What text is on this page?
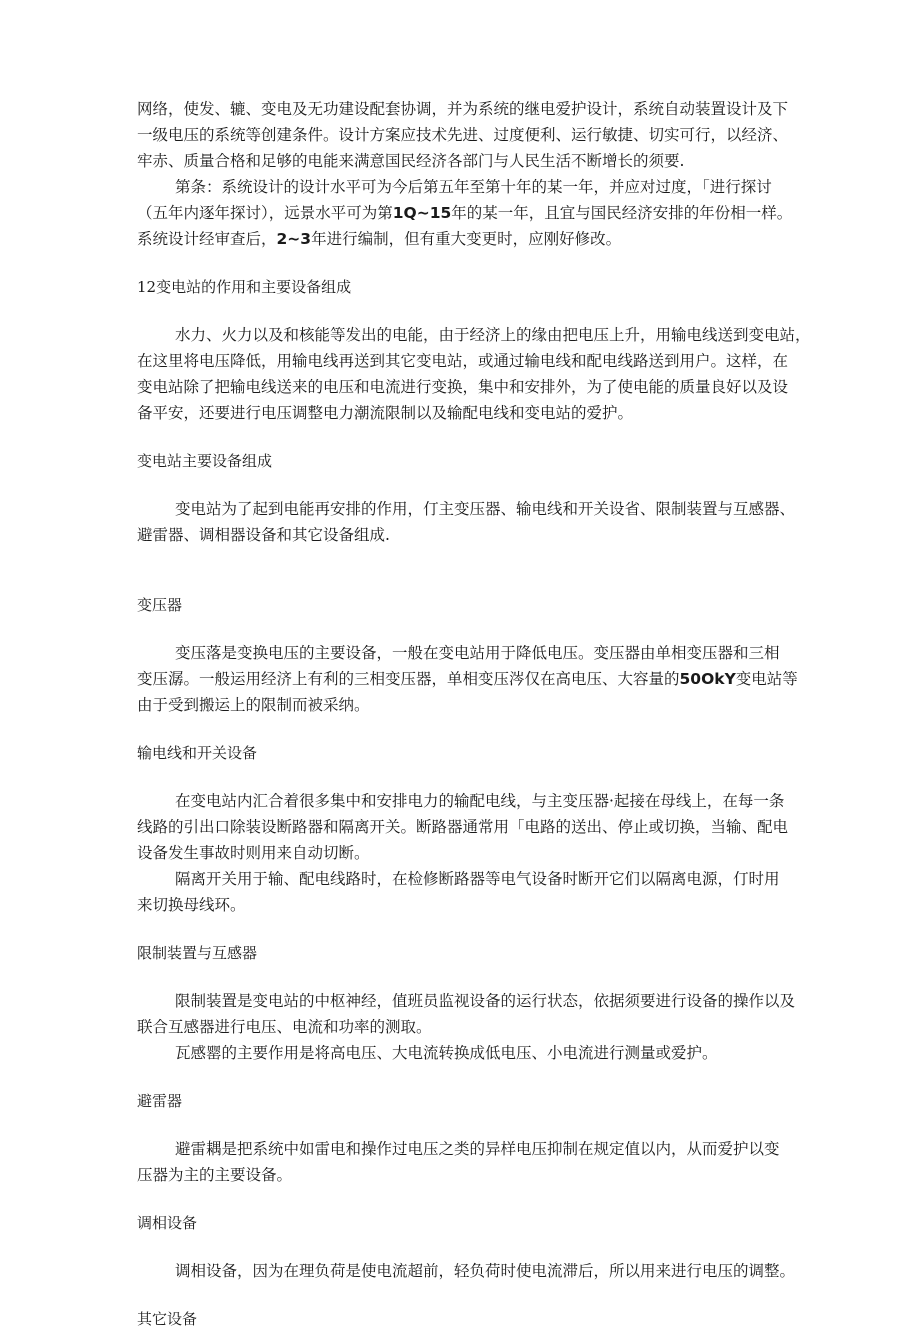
网络，使发、辘、变电及无功建设配套协调，并为系统的继电爱护设计，系统自动装置设计及下

一级电压的系统等创建条件。设计方案应技术先进、过度便利、运行敏捷、切实可行，以经济、

牢赤、质量合格和足够的电能来满意国民经济各部门与人民生活不断增长的须要.

第条：系统设计的设计水平可为今后第五年至第十年的某一年，并应对过度，「进行探讨

（五年内逐年探讨），远景水平可为第1Q~15年的某一年，且宜与国民经济安排的年份相一样。

系统设计经审查后，2~3年进行编制，但有重大变更时，应刚好修改。

12变电站的作用和主要设备组成

水力、火力以及和核能等发出的电能，由于经济上的缘由把电压上升，用输电线送到变电站，

在这里将电压降低，用输电线再送到其它变电站，或通过输电线和配电线路送到用户。这样，在

变电站除了把输电线送来的电压和电流进行变换，集中和安排外，为了使电能的质量良好以及设

备平安，还要进行电压调整电力潮流限制以及输配电线和变电站的爱护。

变电站主要设备组成

变电站为了起到电能再安排的作用，仃主变压器、输电线和开关设省、限制装置与互感器、

避雷器、调相器设备和其它设备组成.

变压器

变压落是变换电压的主要设备，一般在变电站用于降低电压。变压器由单相变压器和三相

变压潺。一般运用经济上有利的三相变压器，单相变压涔仅在高电压、大容量的50OkY变电站等

由于受到搬运上的限制而被采纳。

输电线和开关设备

在变电站内汇合着很多集中和安排电力的输配电线，与主变压器·起接在母线上，在每一条

线路的引出口除装设断路器和隔离开关。断路器通常用「电路的送出、停止或切换，当输、配电

设备发生事故时则用来自动切断。

隔离开关用于输、配电线路时，在检修断路器等电气设备时断开它们以隔离电源，仃时用

来切换母线环。

限制装置与互感器

限制装置是变电站的中枢神经，值班员监视设备的运行状态，依据须要进行设备的操作以及

联合互感器进行电压、电流和功率的测取。

瓦感罂的主要作用是将高电压、大电流转换成低电压、小电流进行测量或爱护。

避雷器

避雷耦是把系统中如雷电和操作过电压之类的异样电压抑制在规定值以内，从而爱护以变

压器为主的主要设备。

调相设备

调相设备，因为在理负荷是使电流超前，轻负荷时使电流滞后，所以用来进行电压的调整。

其它设备
